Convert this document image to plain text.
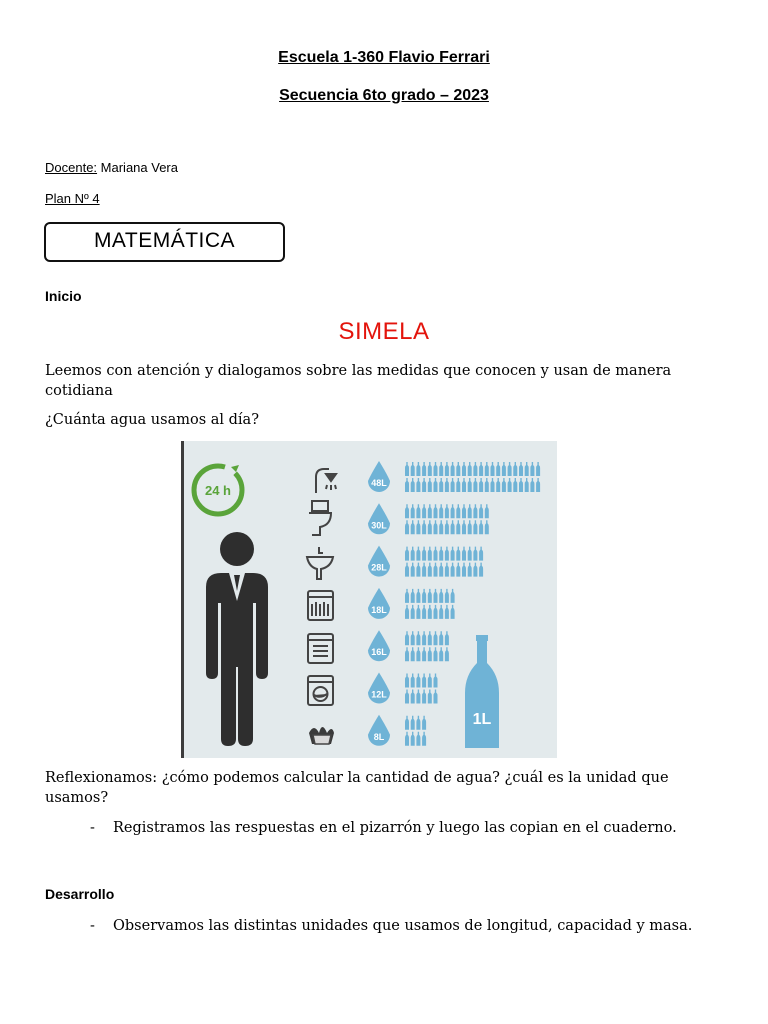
Escuela 1-360 Flavio Ferrari
Secuencia 6to grado – 2023
Docente: Mariana Vera
Plan Nº 4
MATEMÁTICA
Inicio
SIMELA
Leemos con atención y dialogamos sobre las medidas que conocen y usan de manera cotidiana
¿Cuánta agua usamos al día?
24 h	48L
30L
28L
18L
16L
12L
8L
1L
Reflexionamos: ¿cómo podemos calcular la cantidad de agua? ¿cuál es la unidad que usamos?
- Registramos las respuestas en el pizarrón y luego las copian en el cuaderno.
Desarrollo
- Observamos las distintas unidades que usamos de longitud, capacidad y masa.
